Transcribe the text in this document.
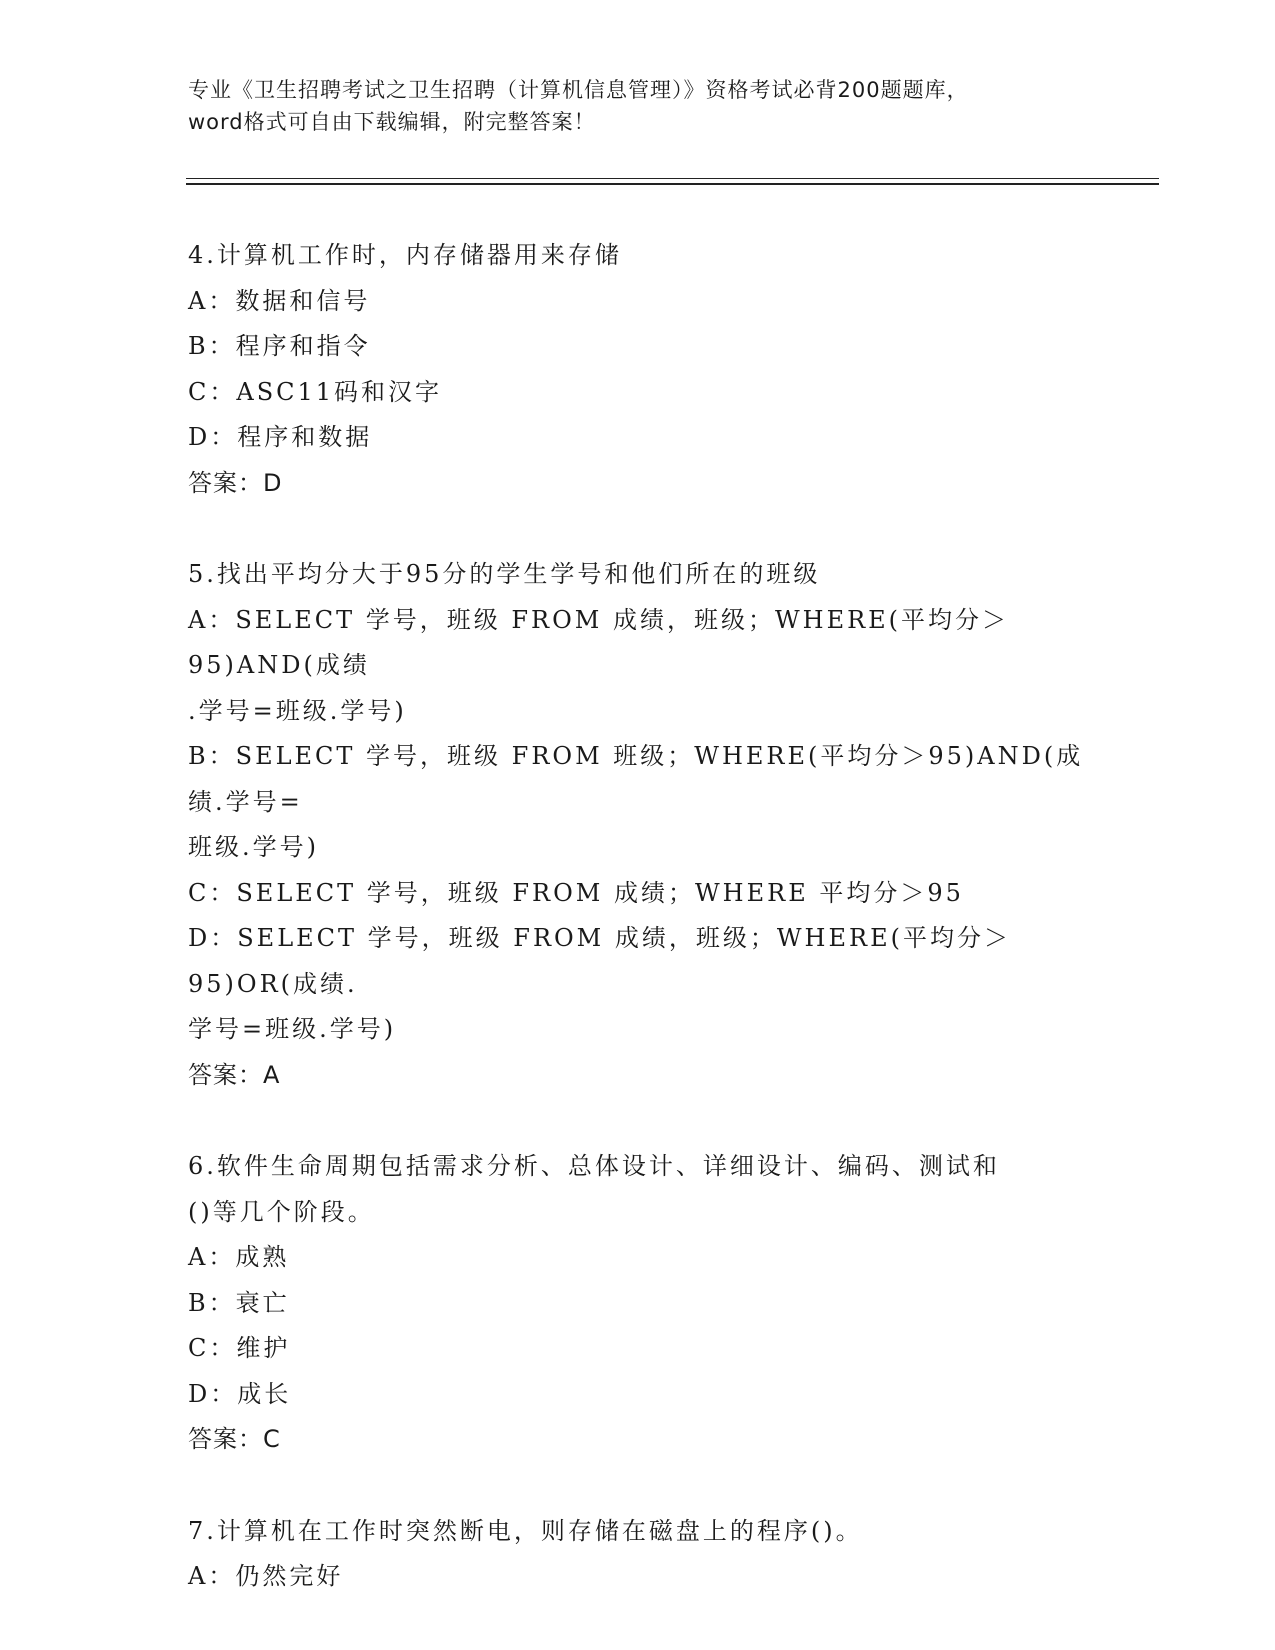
专业《卫生招聘考试之卫生招聘（计算机信息管理）》资格考试必背200题题库，
word格式可自由下载编辑，附完整答案！
4.计算机工作时，内存储器用来存储
A：数据和信号
B：程序和指令
C：ASC11码和汉字
D：程序和数据
答案：D
5.找出平均分大于95分的学生学号和他们所在的班级
A：SELECT 学号，班级 FROM 成绩，班级；WHERE(平均分＞95)AND(成绩
.学号=班级.学号)
B：SELECT 学号，班级 FROM 班级；WHERE(平均分＞95)AND(成绩.学号=
班级.学号)
C：SELECT 学号，班级 FROM 成绩；WHERE 平均分＞95
D：SELECT 学号，班级 FROM 成绩，班级；WHERE(平均分＞95)OR(成绩.
学号=班级.学号)
答案：A
6.软件生命周期包括需求分析、总体设计、详细设计、编码、测试和
()等几个阶段。
A：成熟
B：衰亡
C：维护
D：成长
答案：C
7.计算机在工作时突然断电，则存储在磁盘上的程序()。
A：仍然完好
